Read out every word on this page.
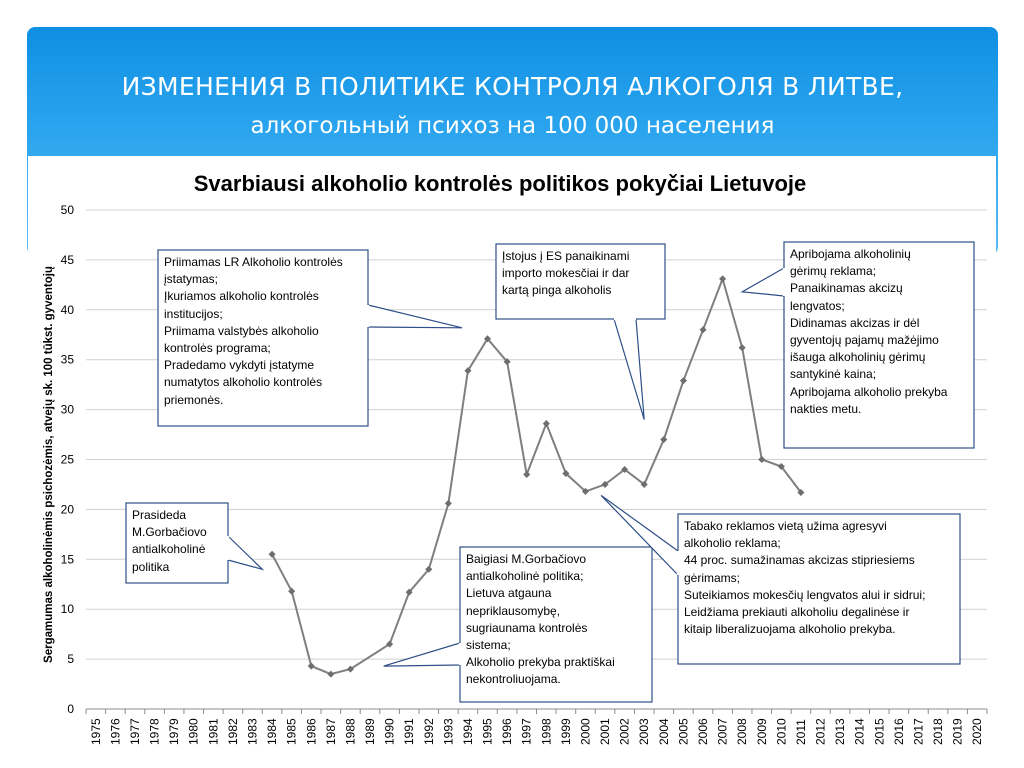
ИЗМЕНЕНИЯ В ПОЛИТИКЕ КОНТРОЛЯ АЛКОГОЛЯ В ЛИТВЕ,
алкогольный психоз на 100 000 населения
Svarbiausi alkoholio kontrolės politikos pokyčiai Lietuvoje
0
5
10
15
20
25
30
35
40
45
50
1975 1976 1977 1978 1979 1980 1981 1982 1983 1984 1985 1986 1987 1988 1989 1990 1991 1992 1993 1994 1995 1996 1997 1998 1999 2000 2001 2002 2003 2004 2005 2006 2007 2008 2009 2010 2011 2012 2013 2014 2015 2016 2017 2018 2019 2020
Sergamumas alkoholinėmis psichozėmis, atvejų sk. 100 tūkst. gyventojų	Prasideda
M.Gorbačiovo
antialkoholinė
politika
Priimamas LR Alkoholio kontrolės
įstatymas;
Įkuriamos alkoholio kontrolės
institucijos;
Priimama valstybės alkoholio
kontrolės programa;
Pradedamo vykdyti įstatyme
numatytos alkoholio kontrolės
priemonės.
Baigiasi M.Gorbačiovo
antialkoholinė politika;
Lietuva atgauna
nepriklausomybę,
sugriaunama kontrolės
sistema;
Alkoholio prekyba praktiškai
nekontroliuojama.
Įstojus į ES panaikinami
importo mokesčiai ir dar
kartą pinga alkoholis
Tabako reklamos vietą užima agresyvi
alkoholio reklama;
44 proc. sumažinamas akcizas stipriesiems
gėrimams;
Suteikiamos mokesčių lengvatos alui ir sidrui;
Leidžiama prekiauti alkoholiu degalinėse ir
kitaip liberalizuojama alkoholio prekyba.
Apribojama alkoholinių
gėrimų reklama;
Panaikinamas akcizų
lengvatos;
Didinamas akcizas ir dėl
gyventojų pajamų mažėjimo
išauga alkoholinių gėrimų
santykinė kaina;
Apribojama alkoholio prekyba
nakties metu.
